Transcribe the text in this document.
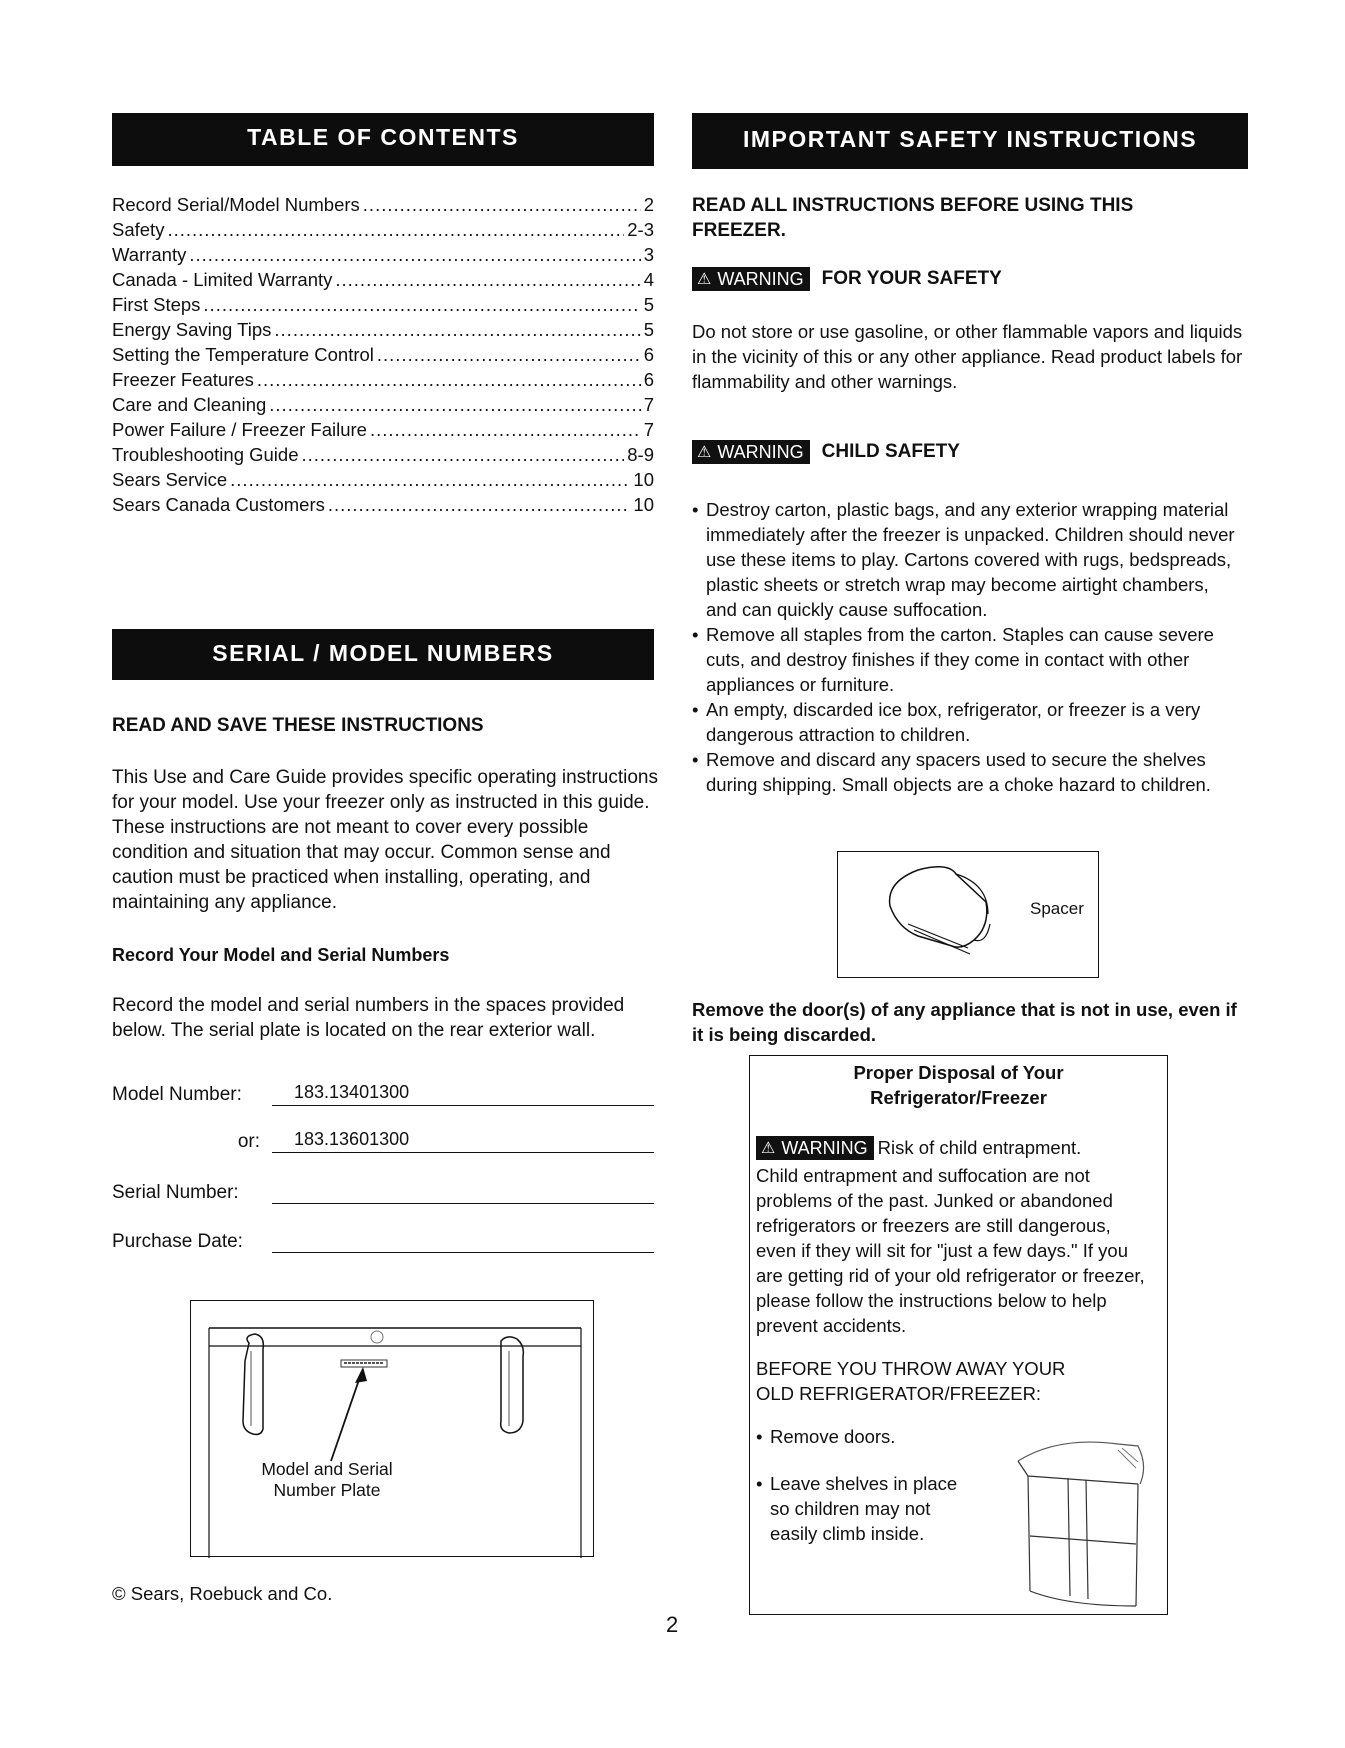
TABLE OF CONTENTS
Record Serial/Model Numbers .....	2
Safety .....	2-3
Warranty .....	3
Canada - Limited Warranty .....	4
First Steps .....	5
Energy Saving Tips .....	5
Setting the Temperature Control .....	6
Freezer Features .....	6
Care and Cleaning .....	7
Power Failure / Freezer Failure .....	7
Troubleshooting Guide .....	8-9
Sears Service .....	10
Sears Canada Customers .....	10
SERIAL / MODEL NUMBERS
READ AND SAVE THESE INSTRUCTIONS
This Use and Care Guide provides specific operating instructions for your model. Use your freezer only as instructed in this guide. These instructions are not meant to cover every possible condition and situation that may occur. Common sense and caution must be practiced when installing, operating, and maintaining any appliance.
Record Your Model and Serial Numbers
Record the model and serial numbers in the spaces provided below. The serial plate is located on the rear exterior wall.
Model Number:	183.13401300
or:	183.13601300
Serial Number:
Purchase Date:
Model and Serial
Number Plate
© Sears, Roebuck and Co.
IMPORTANT SAFETY INSTRUCTIONS
READ ALL INSTRUCTIONS BEFORE USING THIS FREEZER.
⚠ WARNING FOR YOUR SAFETY
Do not store or use gasoline, or other flammable vapors and liquids in the vicinity of this or any other appliance. Read product labels for flammability and other warnings.
⚠ WARNING CHILD SAFETY
• Destroy carton, plastic bags, and any exterior wrapping material immediately after the freezer is unpacked. Children should never use these items to play. Cartons covered with rugs, bedspreads, plastic sheets or stretch wrap may become airtight chambers, and can quickly cause suffocation.
• Remove all staples from the carton. Staples can cause severe cuts, and destroy finishes if they come in contact with other appliances or furniture.
• An empty, discarded ice box, refrigerator, or freezer is a very dangerous attraction to children.
• Remove and discard any spacers used to secure the shelves during shipping. Small objects are a choke hazard to children.
Spacer
Remove the door(s) of any appliance that is not in use, even if it is being discarded.
Proper Disposal of Your
Refrigerator/Freezer
⚠ WARNING Risk of child entrapment.
Child entrapment and suffocation are not problems of the past. Junked or abandoned refrigerators or freezers are still dangerous, even if they will sit for "just a few days." If you are getting rid of your old refrigerator or freezer, please follow the instructions below to help prevent accidents.
BEFORE YOU THROW AWAY YOUR
OLD REFRIGERATOR/FREEZER:
• Remove doors.
• Leave shelves in place so children may not easily climb inside.
2
